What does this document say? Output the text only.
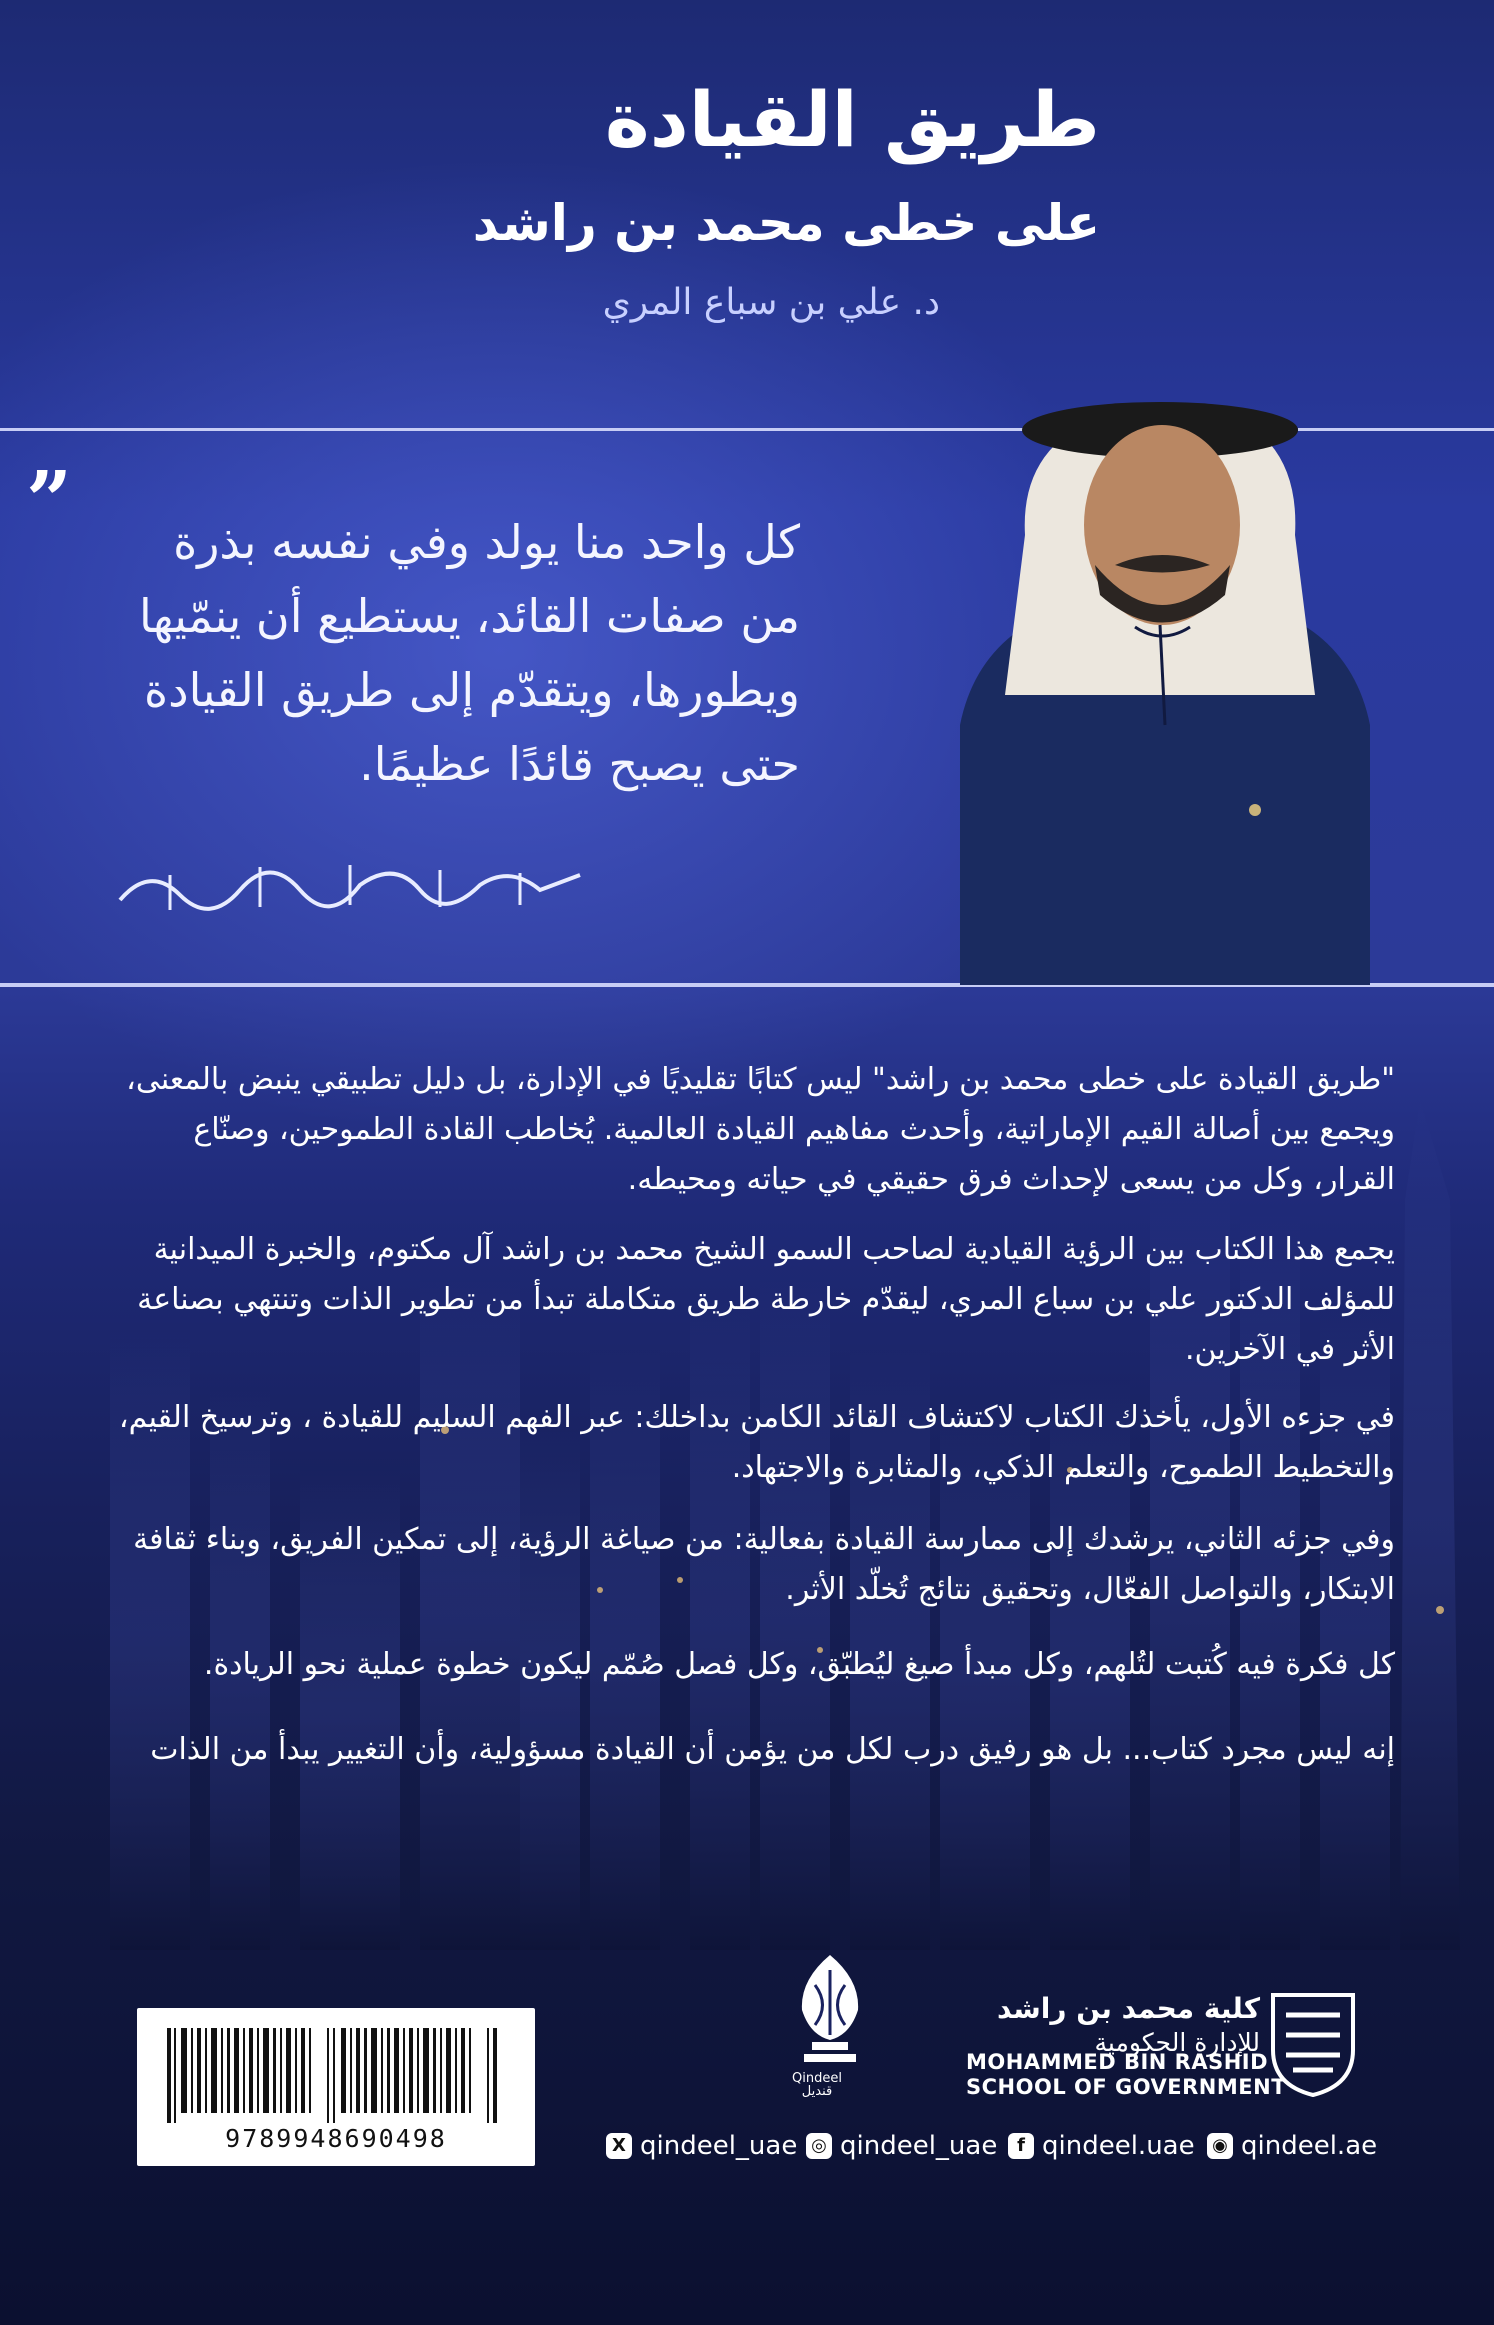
طريق القيادة
على خطى محمد بن راشد
د. علي بن سباع المري
”	كل واحد منا يولد وفي نفسه بذرة من صفات القائد، يستطيع أن ينمّيها ويطورها، ويتقدّم إلى طريق القيادة حتى يصبح قائدًا عظيمًا.
"طريق القيادة على خطى محمد بن راشد" ليس كتابًا تقليديًا في الإدارة، بل دليل تطبيقي ينبض بالمعنى، ويجمع بين أصالة القيم الإماراتية، وأحدث مفاهيم القيادة العالمية. يُخاطب القادة الطموحين، وصنّاع القرار، وكل من يسعى لإحداث فرق حقيقي في حياته ومحيطه.
يجمع هذا الكتاب بين الرؤية القيادية لصاحب السمو الشيخ محمد بن راشد آل مكتوم، والخبرة الميدانية للمؤلف الدكتور علي بن سباع المري، ليقدّم خارطة طريق متكاملة تبدأ من تطوير الذات وتنتهي بصناعة الأثر في الآخرين.
في جزءه الأول، يأخذك الكتاب لاكتشاف القائد الكامن بداخلك: عبر الفهم السليم للقيادة ، وترسيخ القيم، والتخطيط الطموح، والتعلم الذكي، والمثابرة والاجتهاد.
وفي جزئه الثاني، يرشدك إلى ممارسة القيادة بفعالية: من صياغة الرؤية، إلى تمكين الفريق، وبناء ثقافة الابتكار، والتواصل الفعّال، وتحقيق نتائج تُخلّد الأثر.
كل فكرة فيه كُتبت لتُلهم، وكل مبدأ صيغ ليُطبّق، وكل فصل صُمّم ليكون خطوة عملية نحو الريادة.
إنه ليس مجرد كتاب... بل هو رفيق درب لكل من يؤمن أن القيادة مسؤولية، وأن التغيير يبدأ من الذات
9789948690498
Qindeel قنديل
كلية محمد بن راشد
للإدارة الحكومية
MOHAMMED BIN RASHID
SCHOOL OF GOVERNMENT
X qindeel_uae ◎ qindeel_uae	f qindeel.uae ◉ qindeel.ae
